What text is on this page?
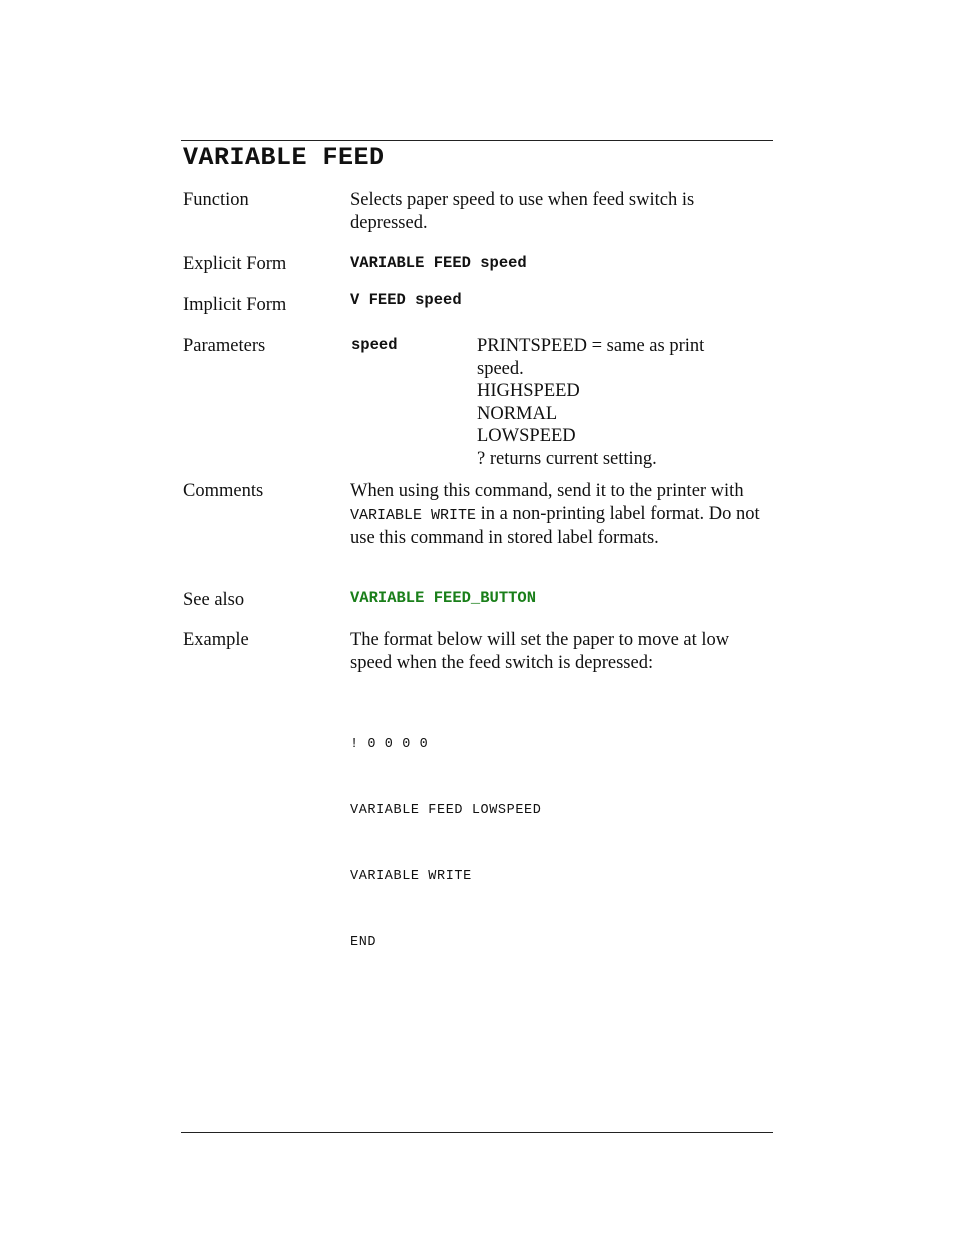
VARIABLE FEED
Function	Selects paper speed to use when feed switch is depressed.
Explicit Form	VARIABLE FEED speed
Implicit Form	V FEED speed
Parameters	speed	PRINTSPEED = same as print
speed.
HIGHSPEED
NORMAL
LOWSPEED
? returns current setting.
Comments	When using this command, send it to the printer with VARIABLE WRITE in a non-printing label format. Do not use this command in stored label formats.
See also	VARIABLE FEED_BUTTON
Example	The format below will set the paper to move at low speed when the feed switch is depressed:

! 0 0 0 0

VARIABLE FEED LOWSPEED

VARIABLE WRITE

END
